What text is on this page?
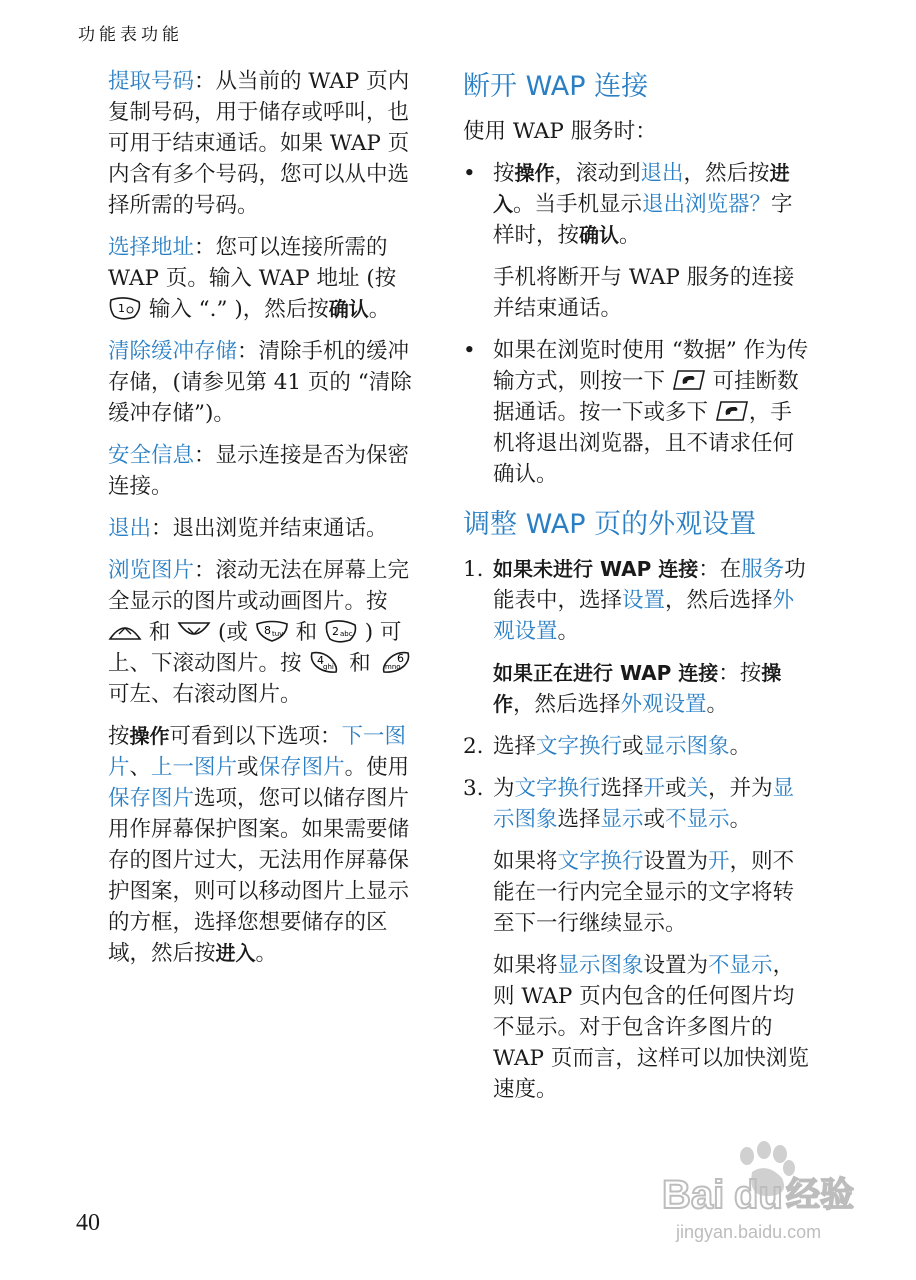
功能表功能

提取号码：从当前的 WAP 页内复制号码，用于储存或呼叫，也可用于结束通话。如果 WAP 页内含有多个号码，您可以从中选择所需的号码。

选择地址：您可以连接所需的 WAP 页。输入 WAP 地址 (按
1 输入 “.” )，然后按确认。

清除缓冲存储：清除手机的缓冲存储，(请参见第 41 页的 “清除缓冲存储”)。

安全信息：显示连接是否为保密连接。

退出：退出浏览并结束通话。

浏览图片：滚动无法在屏幕上完全显示的图片或动画图片。按  和  (或 8 tuv 和 2 abc ) 可上、下滚动图片。按 4 ghi 和 6
mno
可左、右滚动图片。

按操作可看到以下选项：下一图片、上一图片或保存图片。使用保存图片选项，您可以储存图片用作屏幕保护图案。如果需要储存的图片过大，无法用作屏幕保护图案，则可以移动图片上显示的方框，选择您想要储存的区域，然后按进入。

断开 WAP 连接

使用 WAP 服务时：

• 按操作，滚动到退出，然后按进入。当手机显示退出浏览器？字样时，按确认。
手机将断开与 WAP 服务的连接并结束通话。
• 如果在浏览时使用 “数据” 作为传输方式，则按一下  可挂断数据通话。按一下或多下 ，手机将退出浏览器，且不请求任何确认。
调整 WAP 页的外观设置
1. 如果未进行 WAP 连接：在服务功能表中，选择设置，然后选择外观设置。
如果正在进行 WAP 连接：按操作，然后选择外观设置。
2. 选择文字换行或显示图象。
3. 为文字换行选择开或关，并为显示图象选择显示或不显示。
如果将文字换行设置为开，则不能在一行内完全显示的文字将转至下一行继续显示。
如果将显示图象设置为不显示，则 WAP 页内包含的任何图片均不显示。对于包含许多图片的 WAP 页而言，这样可以加快浏览速度。
40
Bai du 经验
jingyan.baidu.com
